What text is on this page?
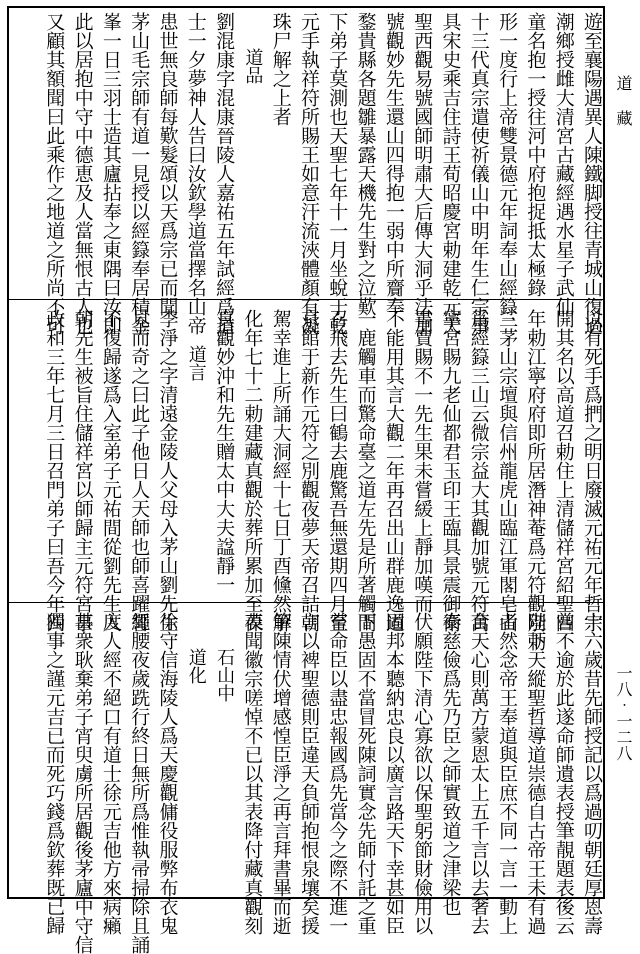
遊至襄陽遇異人陳鐵脚授往青城山復過
潮鄉授雌大清宮古藏經遇水星子武仙
童名抱一授往河中府抱捉抵太極錄
形一度行上帝雙景德元年詞奉山經籙二
十三代真宗遣使祈儀山中明年生仁宗事
具宋史乘吉住詩王荀昭慶宮勅建乾元天
聖西觀易號國師明肅大后傳大洞乎法加
號觀妙先生還山四得抱一弱中所齎奉
鍪貴縣各題雛暴露天機先生對之泣歎
下弟子莫測也天聖七年十一月坐蛻于乾
元手執祥符所賜王如意汗流浹體顏有凝
珠尸解之上者
道品
劉混康字混康晉陵人嘉祐五年試經爲道
士一夕夢神人告曰汝欽學道當擇名山帝
患世無良師每歎髮頌以天爲宗已而聞
茅山毛宗師有道一見授以經籙奉居積金
峯一日三羽士造其廬拈奉之東隅曰汝即
此以居抱中守中德恵及人當無恨古人也
又顧其額聞曰此乘作之地道之所尚不可
以有死手爲捫之明日廢滅元祐元年哲宗
開其名以高道召勅住上清儲祥宮紹聖四
年勅江寧府府即所居潛神菴爲元符觀別勅
三茅山宗壇與信州龍虎山臨江軍閣皂山
爲經籙三山云微宗益大其觀加號元符萬
寧宮賜九老仙都君玉印王臨具景震御衛
書賣賜不一先生果未嘗緩上靜加嘆而
不能用其言大觀二年再召出山群鹿逸道
一鹿觸車而驚命臺之道左先是所著觸間
召飛去先生曰鶴去鹿驚吾無還期四月至
京館于新作元符之別觀夜夢天帝召詰朝
駕幸進上所誦大洞經十七日丁酉儵然解
化年七十二勅建藏真觀於葬所累加至葆
真觀妙沖和先生贈太中大夫諡靜一
道言
李淨之字清遠金陵人父母入茅山劉先生
見而奇之曰此子他日人天師也師喜躍誓
不復歸遂爲入室弟子元祐間從劉先生入
朝先生被旨住儲祥宮以師歸主元符宮事
政和三年七月三日召門弟子曰吾今年四
十六歲昔先師授記以爲過叨朝廷厚恩壽
嘗不逾於此遂命師遺表授筆靚題表後云
陛下天縱聖哲導道崇德自古帝王未有過
者然念帝王奉道與臣庶不同一言一動上
合天心則萬方蒙恩太上五千言以去奢去
泰慈儉爲先乃臣之師實致道之津梁也
伏願陛下清心寡欲以保聖躬節財儉用以
固邦本聽納忠良以廣言路天下幸甚如臣
下愚固不當冒死陳詞實念先師付託之重
嘗命臣以盡忠報國爲先當今之際不進一
言以裨聖德則臣違天負師抱恨泉壤矣援
筆陳情伏增感惶臣淨之再言拜書畢而逝
表聞徽宗嗟悼不已以其表降付藏真觀刻
石山中
道化
徐守信海陵人爲天慶觀傭役服弊布衣鬼
繩腰夜歲跣行終日無所爲惟執帚掃除且誦
度人經不絕口有道士徐元吉他方來病癩
甚衆耿棄弟子宵臾虜所居觀後茅廬中守信
獨事之謹元吉已而死巧錢爲欽葬既已歸
道 藏
一八‧一二八
